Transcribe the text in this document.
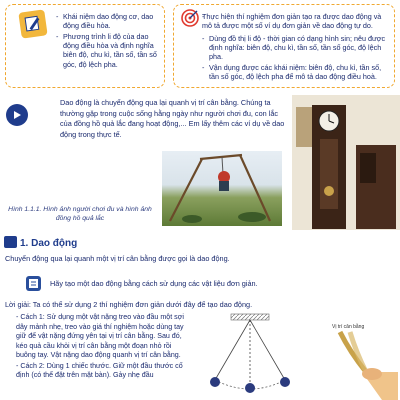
- Khái niệm dao động cơ, dao động điều hòa.
- Phương trình li độ của dao động điều hòa và định nghĩa biên độ, chu kì, tần số, tần số góc, độ lệch pha.
- Thực hiện thí nghiệm đơn giản tạo ra được dao động và mô tả được một số ví dụ đơn giản về dao động tự do.
- Dùng đồ thị li độ - thời gian có dạng hình sin; nêu được định nghĩa: biên độ, chu kì, tần số, tần số góc, độ lệch pha.
- Vận dụng được các khái niệm: biên độ, chu kì, tần số, tần số góc, độ lệch pha để mô tả dao động điều hoà.

Dao động là chuyển động qua lại quanh vị trí cân bằng. Chúng ta thường gặp trong cuộc sống hằng ngày như người chơi đu, con lắc của đồng hồ quả lắc đang hoạt động,... Em lấy thêm các ví dụ về dao động trong thực tế.

Hình 1.1.1. Hình ảnh người chơi đu và hình ảnh đồng hồ quả lắc

1. Dao động

Chuyển động qua lại quanh một vị trí cân bằng được gọi là dao động.

Hãy tạo một dao động bằng cách sử dụng các vật liệu đơn giản.

Lời giải: Ta có thể sử dụng 2 thí nghiệm đơn giản dưới đây để tạo dao động.

- Cách 1: Sử dụng một vật nặng treo vào đầu một sợi dây mảnh nhẹ, treo vào giá thí nghiệm hoặc dùng tay giữ để vật nặng đứng yên tại vị trí cân bằng. Sau đó, kéo quả cầu khỏi vị trí cân bằng một đoạn nhỏ rồi buông tay. Vật nặng dao động quanh vị trí cân bằng.

- Cách 2: Dùng 1 chiếc thước. Giữ một đầu thước cố định (có thể đặt trên mặt bàn). Gảy nhẹ đầu

Vị trí cân bằng
